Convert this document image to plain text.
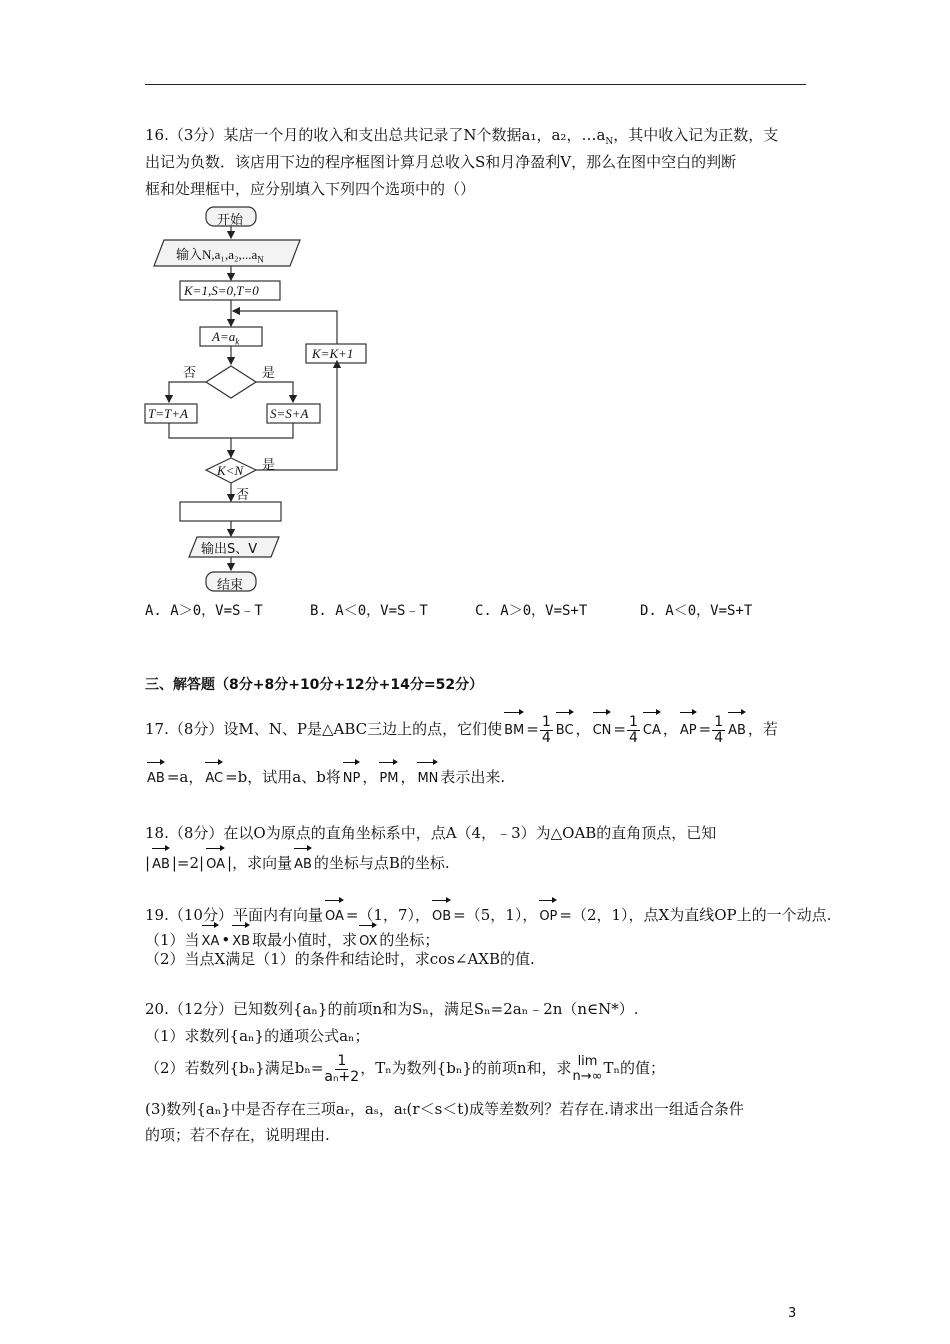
16.（3分）某店一个月的收入和支出总共记录了N个数据a₁，a₂，$\dots a_N$，其中收入记为正数，支
出记为负数．该店用下边的程序框图计算月总收入S和月净盈利V，那么在图中空白的判断
框和处理框中，应分别填入下列四个选项中的（）
开始
输入$N,a_1,a_2,...a_N$
K=1,S=0,T=0
$A=a_k$
否	是
T=T+A	S=S+A
K=K+1
K<N 是
否
输出S、V
结束
A. A＞0，V=S﹣T	B. A＜0，V=S﹣T	C. A＞0，V=S+T	D. A＜0，V=S+T
三、解答题（8分+8分+10分+12分+14分=52分）
17.（8分）设M、N、P是△ABC三边上的点，它们使 BM = $\frac{1}{4}$ BC ， CN = $\frac{1}{4}$ CA ， AP = $\frac{1}{4}$ AB ，若
AB =a， AC =b，试用a、b将 NP ， PM ， MN 表示出来.
18.（8分）在以O为原点的直角坐标系中，点A（4，﹣3）为△OAB的直角顶点，已知
| AB |=2| OA |，求向量 AB 的坐标与点B的坐标.
19.（10分）平面内有向量 OA =（1，7）， OB =（5，1）， OP =（2，1），点X为直线OP上的一个动点.
（1）当 XA • XB 取最小值时，求 OX 的坐标；
（2）当点X满足（1）的条件和结论时，求cos∠AXB的值.
20.（12分）已知数列{aₙ}的前项n和为Sₙ，满足Sₙ=2aₙ﹣2n（n∈N*）.
（1）求数列{aₙ}的通项公式aₙ；
（2）若数列{bₙ}满足$b_n= \frac{1}{\text{aₙ+2}}$ ，Tₙ为数列{bₙ}的前项n和，求 lim
n→∞ Tₙ的值；
(3)数列{aₙ}中是否存在三项aᵣ，aₛ，aₜ(r＜s＜t)成等差数列？若存在.请求出一组适合条件
的项；若不存在，说明理由.
3
